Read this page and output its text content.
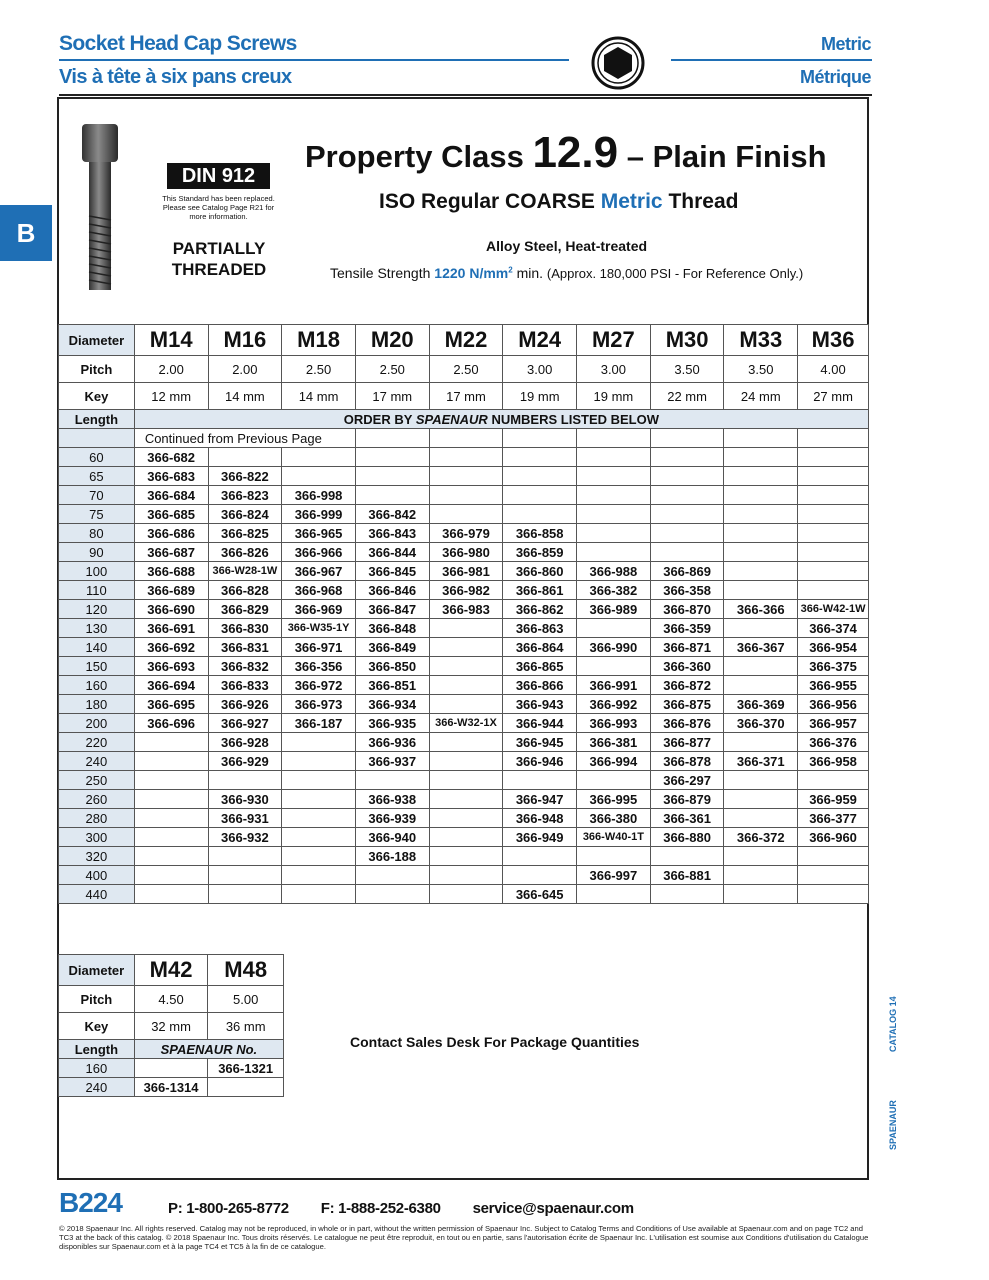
Socket Head Cap Screws
Vis à tête à six pans creux
Metric
Métrique
B
DIN 912
This Standard has been replaced. Please see Catalog Page R21 for more information.
PARTIALLY
THREADED
Property Class 12.9 – Plain Finish
ISO Regular COARSE Metric Thread
Alloy Steel, Heat-treated
Tensile Strength 1220 $N/mm^2$ min. (Approx. 180,000 PSI - For Reference Only.)
Diameter	M14	M16	M18	M20	M22	M24	M27	M30	M33	M36
Pitch	2.00	2.00	2.50	2.50	2.50	3.00	3.00	3.50	3.50	4.00
Key	12 mm	14 mm	14 mm	17 mm	17 mm	19 mm	19 mm	22 mm	24 mm	27 mm
Length	ORDER BY SPAENAUR NUMBERS LISTED BELOW									
	Continued from Previous Page									
60	366-682									
65	366-683	366-822								
70	366-684	366-823	366-998							
75	366-685	366-824	366-999	366-842						
80	366-686	366-825	366-965	366-843	366-979	366-858				
90	366-687	366-826	366-966	366-844	366-980	366-859				
100	366-688	366-W28-1W	366-967	366-845	366-981	366-860	366-988	366-869		
110	366-689	366-828	366-968	366-846	366-982	366-861	366-382	366-358		
120	366-690	366-829	366-969	366-847	366-983	366-862	366-989	366-870	366-366	366-W42-1W
130	366-691	366-830	366-W35-1Y	366-848		366-863		366-359		366-374
140	366-692	366-831	366-971	366-849		366-864	366-990	366-871	366-367	366-954
150	366-693	366-832	366-356	366-850		366-865		366-360		366-375
160	366-694	366-833	366-972	366-851		366-866	366-991	366-872		366-955
180	366-695	366-926	366-973	366-934		366-943	366-992	366-875	366-369	366-956
200	366-696	366-927	366-187	366-935	366-W32-1X	366-944	366-993	366-876	366-370	366-957
220		366-928		366-936		366-945	366-381	366-877		366-376
240		366-929		366-937		366-946	366-994	366-878	366-371	366-958
250								366-297		
260		366-930		366-938		366-947	366-995	366-879		366-959
280		366-931		366-939		366-948	366-380	366-361		366-377
300		366-932		366-940		366-949	366-W40-1T	366-880	366-372	366-960
320				366-188						
400							366-997	366-881		
440						366-645				

Diameter	M42	M48
Pitch	4.50	5.00
Key	32 mm	36 mm
Length	SPAENAUR No.	
160		366-1321
240	366-1314	
Contact Sales Desk For Package Quantities	CATALOG 14
SPAENAUR
B224	P: 1-800-265-8772 F: 1-888-252-6380 service@spaenaur.com
© 2018 Spaenaur Inc. All rights reserved. Catalog may not be reproduced, in whole or in part, without the written permission of Spaenaur Inc. Subject to Catalog Terms and Conditions of Use available at Spaenaur.com and on page TC2 and TC3 at the back of this catalog. © 2018 Spaenaur Inc. Tous droits réservés. Le catalogue ne peut être reproduit, en tout ou en partie, sans l'autorisation écrite de Spaenaur Inc. L'utilisation est soumise aux Conditions d'utilisation du Catalogue disponibles sur Spaenaur.com et à la page TC4 et TC5 à la fin de ce catalogue.
